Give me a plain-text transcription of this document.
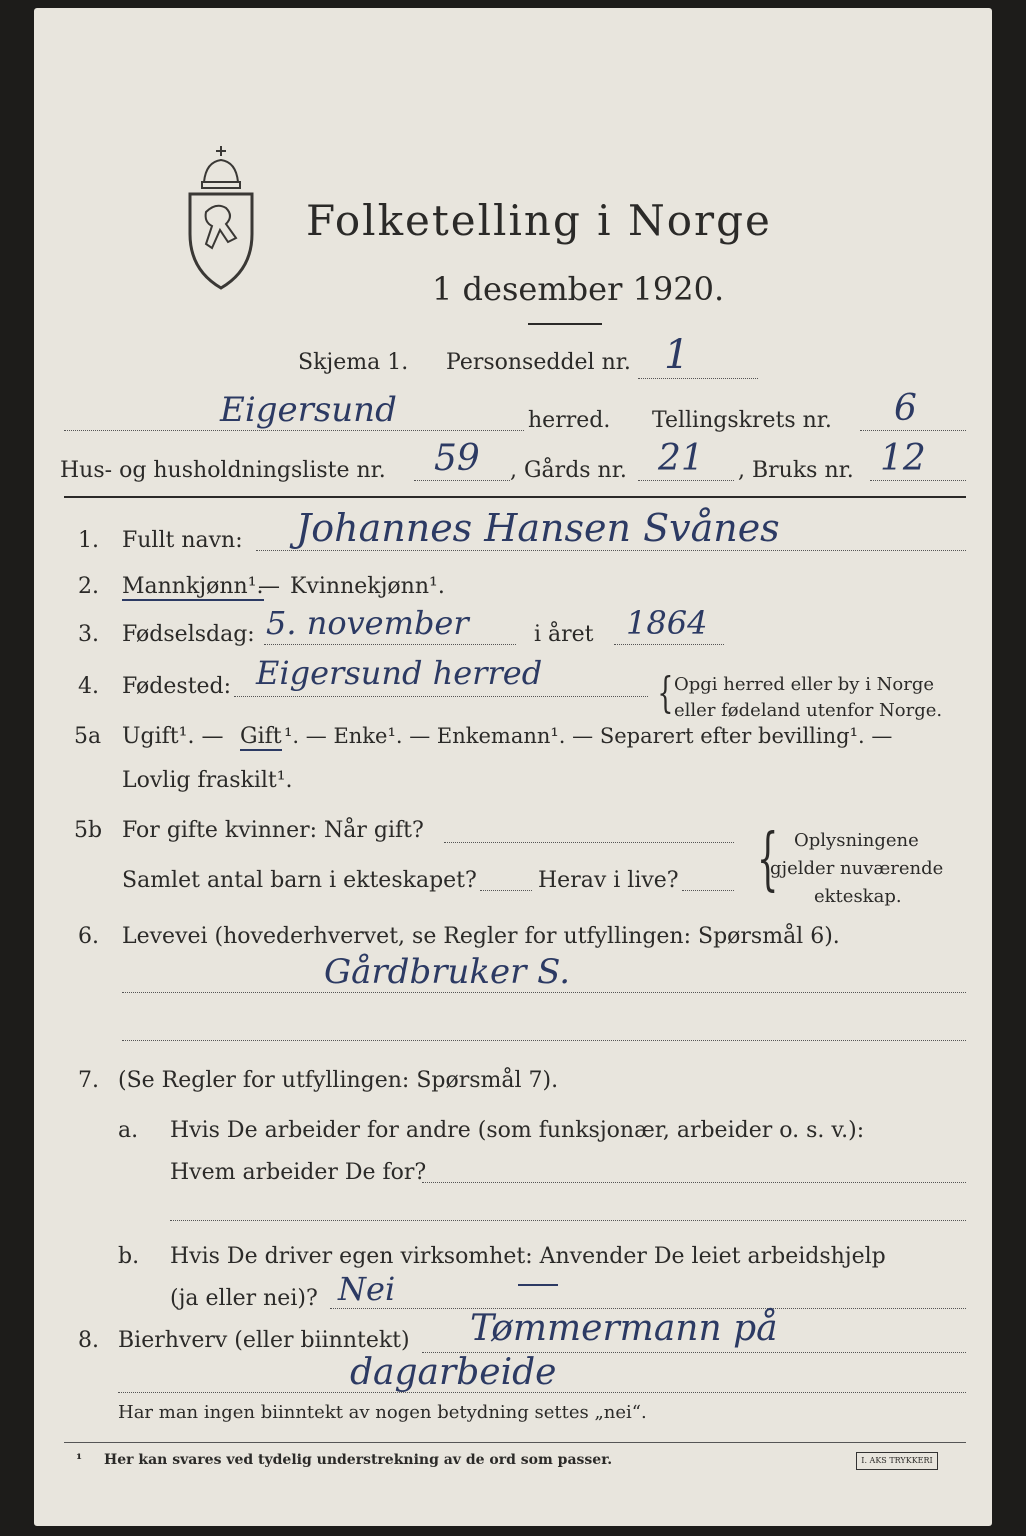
Folketelling i Norge
1 desember 1920.
Skjema 1. Personseddel nr. 1
Eigersund	herred. Tellingskrets nr. 6
Hus- og husholdningsliste nr. 59 , Gårds nr. 21 , Bruks nr. 12
1. Fullt navn: Johannes Hansen Svånes
2. Mannkjønn¹.
— Kvinnekjønn¹.
3. Fødselsdag: 5. november	i året 1864
4. Fødested: Eigersund herred	{ Opgi herred eller by i Norge
eller fødeland utenfor Norge.
5a Ugift¹. — Gift ¹. — Enke¹. — Enkemann¹. — Separert efter bevilling¹. —
Lovlig fraskilt¹.
5b For gifte kvinner: Når gift?
Samlet antal barn i ekteskapet?	Herav i live? { Oplysningene
gjelder nuværende
ekteskap.
6. Levevei (hovederhvervet, se Regler for utfyllingen: Spørsmål 6).
Gårdbruker S.
7. (Se Regler for utfyllingen: Spørsmål 7).
a. Hvis De arbeider for andre (som funksjonær, arbeider o. s. v.):
Hvem arbeider De for?
b. Hvis De driver egen virksomhet: Anvender De leiet arbeidshjelp
(ja eller nei)? Nei
8. Bierhverv (eller biinntekt) Tømmermann på
dagarbeide
Har man ingen biinntekt av nogen betydning settes „nei“.
¹ Her kan svares ved tydelig understrekning av de ord som passer.	I. AKS TRYKKERI
